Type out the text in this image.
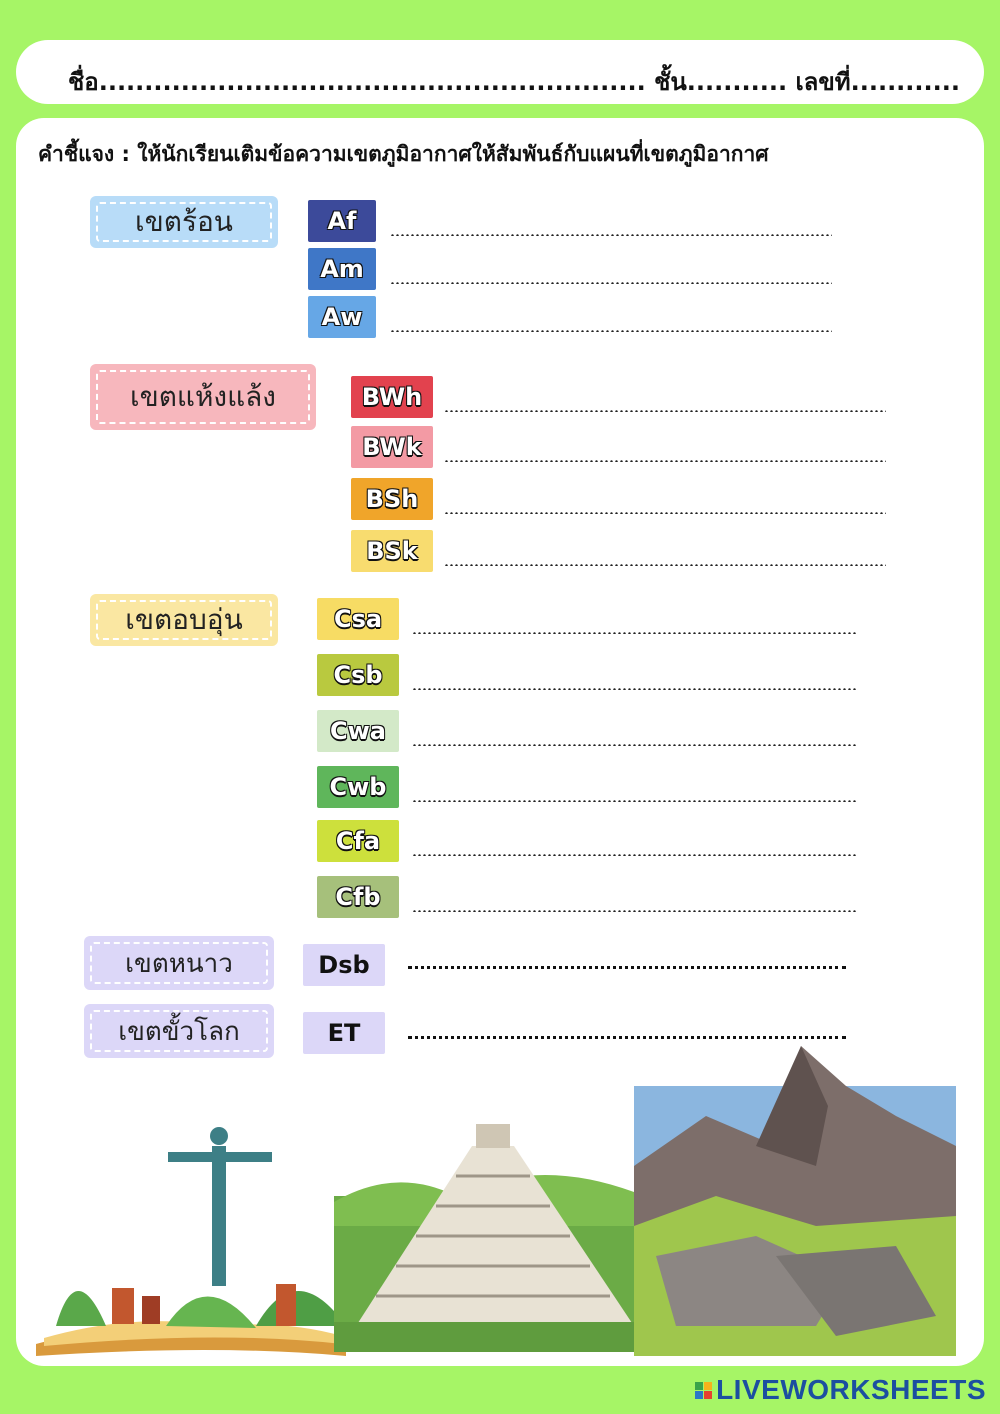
ชื่อ............................................................ ชั้น........... เลขที่............
คำชี้แจง : ให้นักเรียนเติมข้อความเขตภูมิอากาศให้สัมพันธ์กับแผนที่เขตภูมิอากาศ
เขตร้อน	Af
Am
Aw
เขตแห้งแล้ง	BWh
BWk
BSh
BSk
เขตอบอุ่น	Csa
Csb
Cwa
Cwb
Cfa
Cfb
เขตหนาว	Dsb
เขตขั้วโลก	ET
LIVEWORKSHEETS
